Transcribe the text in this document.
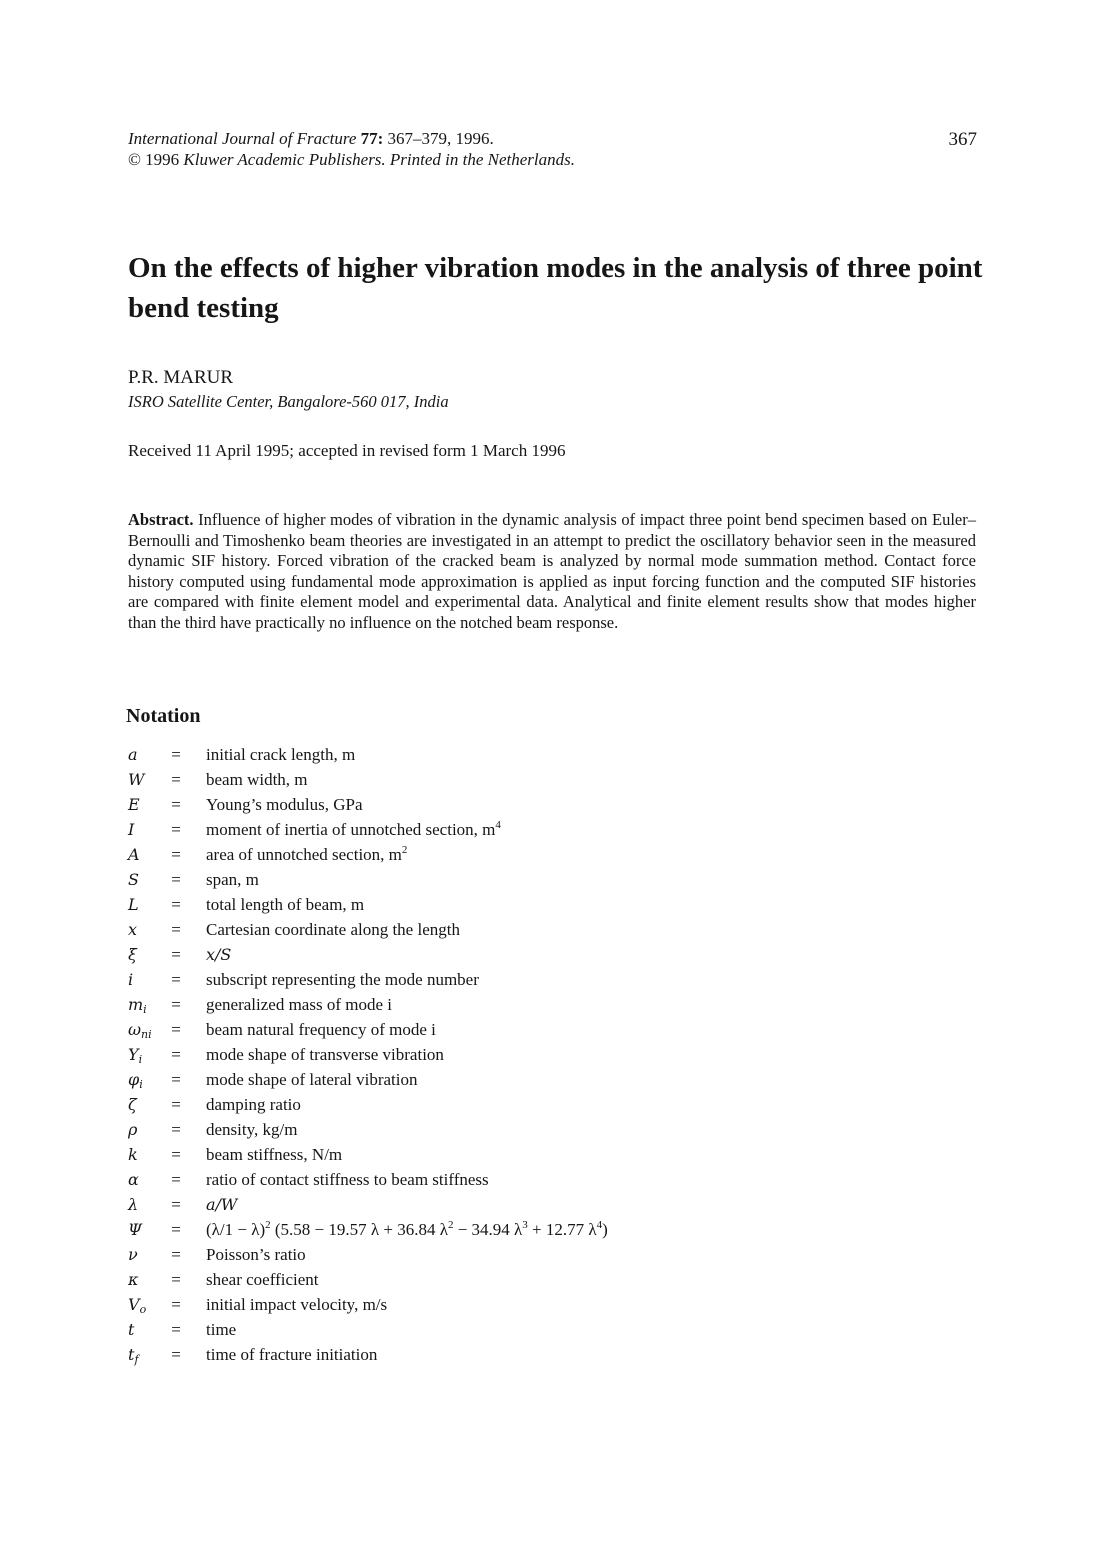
International Journal of Fracture 77: 367–379, 1996.
© 1996 Kluwer Academic Publishers. Printed in the Netherlands.
367
On the effects of higher vibration modes in the analysis of three point bend testing
P.R. MARUR
ISRO Satellite Center, Bangalore-560 017, India
Received 11 April 1995; accepted in revised form 1 March 1996
Abstract. Influence of higher modes of vibration in the dynamic analysis of impact three point bend specimen based on Euler–Bernoulli and Timoshenko beam theories are investigated in an attempt to predict the oscillatory behavior seen in the measured dynamic SIF history. Forced vibration of the cracked beam is analyzed by normal mode summation method. Contact force history computed using fundamental mode approximation is applied as input forcing function and the computed SIF histories are compared with finite element model and experimental data. Analytical and finite element results show that modes higher than the third have practically no influence on the notched beam response.
Notation
a	=	initial crack length, m
W	=	beam width, m
E	=	Young’s modulus, GPa
I	=	moment of inertia of unnotched section, $m^4$
A	=	area of unnotched section, $m^2$
S	=	span, m
L	=	total length of beam, m
x	=	Cartesian coordinate along the length
ξ	=	x/S
i	=	subscript representing the mode number
$m_i$	=	generalized mass of mode i
$\omega_{ni}$	=	beam natural frequency of mode i
$Y_i$	=	mode shape of transverse vibration
$\varphi_i$	=	mode shape of lateral vibration
ζ	=	damping ratio
ρ	=	density, kg/m
k	=	beam stiffness, N/m
α	=	ratio of contact stiffness to beam stiffness
λ	=	a/W
Ψ	=	$(\lambda/1 - \lambda)^2$ (5.58 − 19.57 λ + 36.84 $\lambda^2 - 34.94$ $\lambda^3 + 12.77$ $\lambda^4$)
ν	=	Poisson’s ratio
κ	=	shear coefficient
$V_o$	=	initial impact velocity, m/s
t	=	time
$t_f$	=	time of fracture initiation
